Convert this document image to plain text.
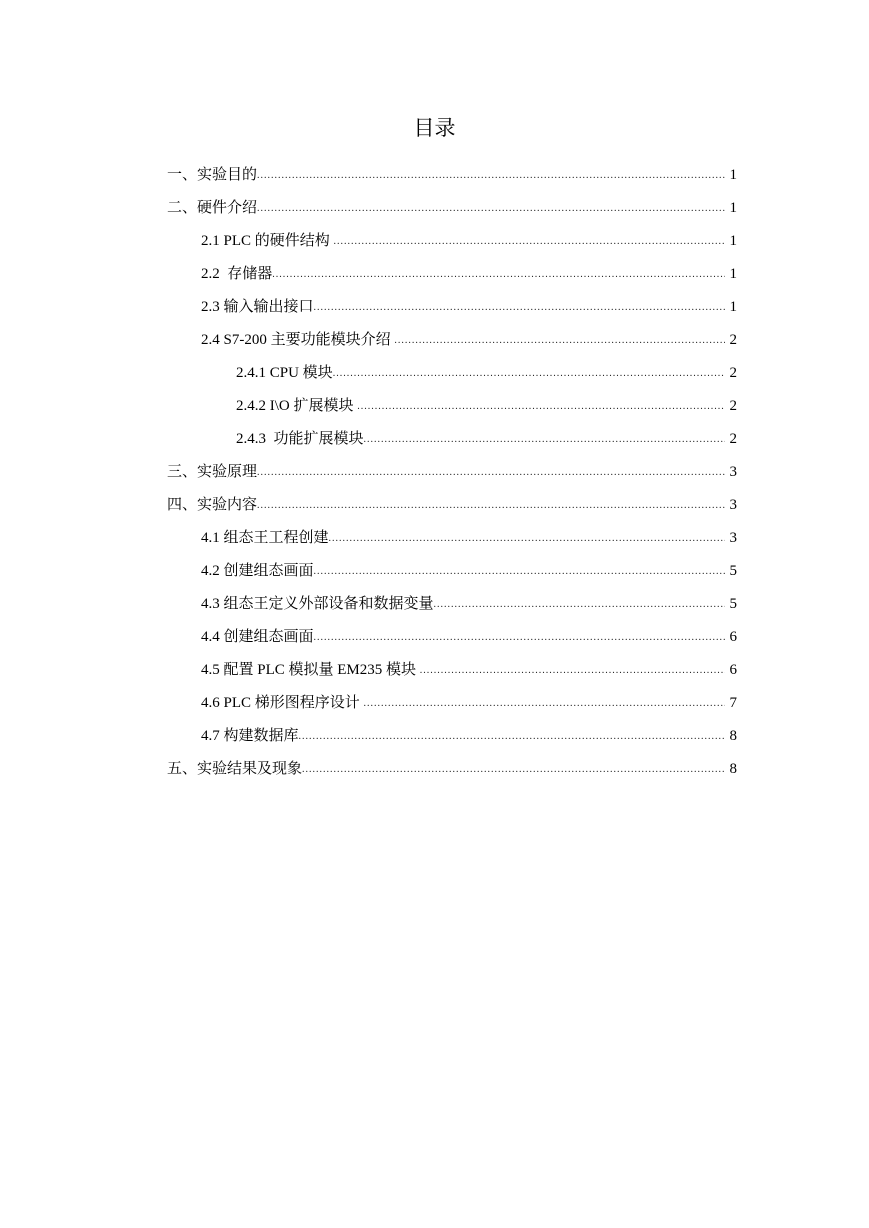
目录
一、实验目的 .....	1
二、硬件介绍 .....	1
2.1 PLC 的硬件结构 .....	1
2.2  存储器 .....	1
2.3 输入输出接口 .....	1
2.4 S7-200 主要功能模块介绍 .....	2
2.4.1 CPU 模块 .....	2
2.4.2 I\O 扩展模块 .....	2
2.4.3  功能扩展模块 .....	2
三、实验原理 .....	3
四、实验内容 .....	3
4.1 组态王工程创建 .....	3
4.2 创建组态画面 .....	5
4.3 组态王定义外部设备和数据变量 .....	5
4.4 创建组态画面 .....	6
4.5 配置 PLC 模拟量 EM235 模块 .....	6
4.6 PLC 梯形图程序设计 .....	7
4.7 构建数据库 .....	8
五、实验结果及现象 .....	8
